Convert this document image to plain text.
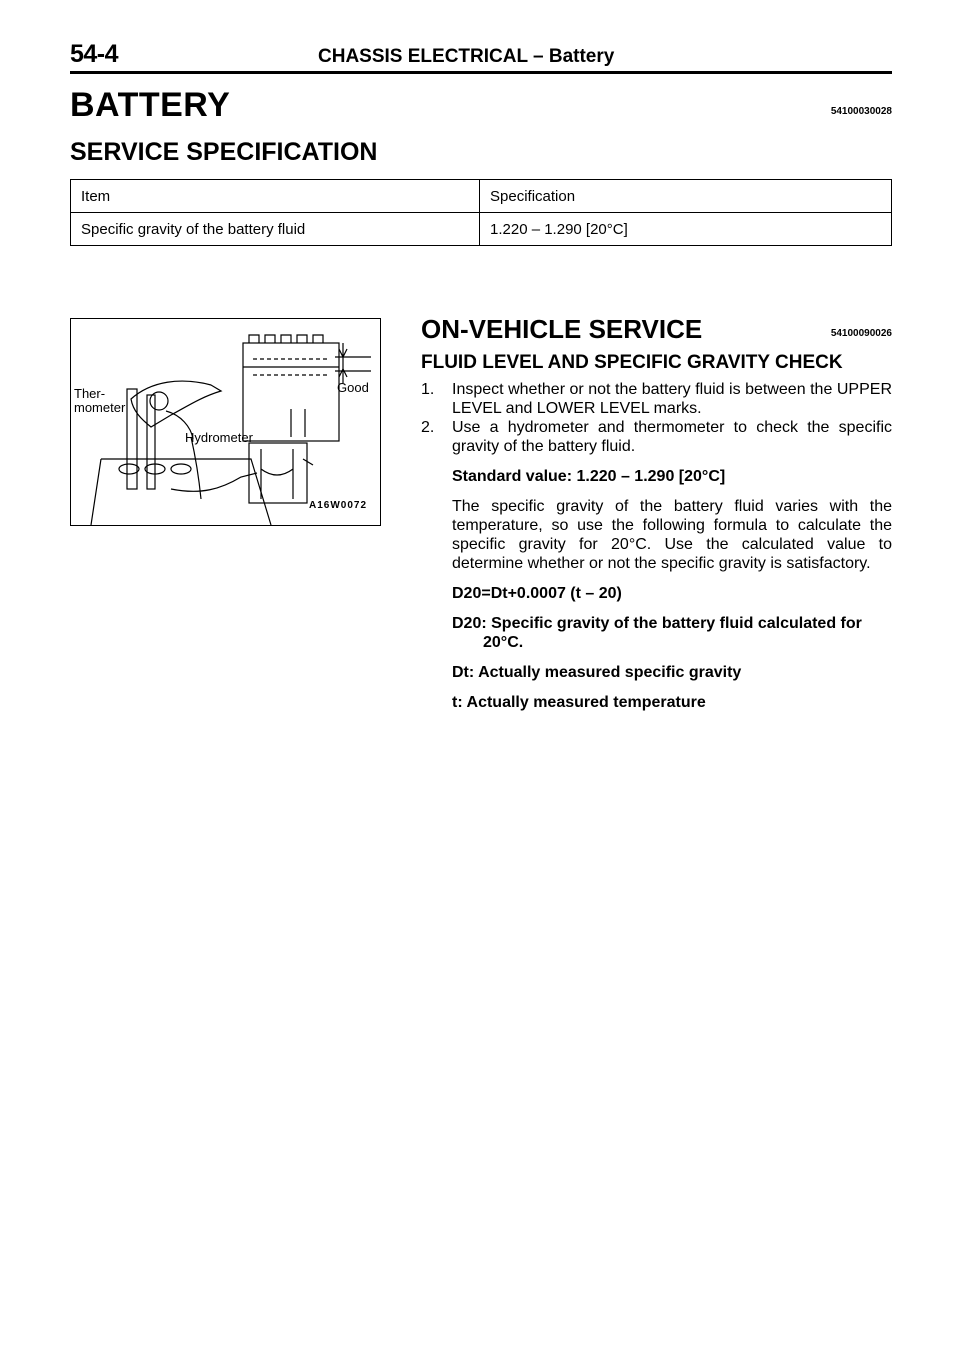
54-4	CHASSIS ELECTRICAL – Battery
BATTERY	54100030028
SERVICE SPECIFICATION
Item	Specification
Specific gravity of the battery fluid	1.220 – 1.290 [20°C]
Ther-
mometer
Hydrometer
Good
A16W0072
ON-VEHICLE SERVICE	54100090026
FLUID LEVEL AND SPECIFIC GRAVITY CHECK

1. Inspect whether or not the battery fluid is between the UPPER LEVEL and LOWER LEVEL marks.

2. Use a hydrometer and thermometer to check the specific gravity of the battery fluid.

Standard value: 1.220 – 1.290 [20°C]

The specific gravity of the battery fluid varies with the temperature, so use the following formula to calculate the specific gravity for 20°C. Use the calculated value to determine whether or not the specific gravity is satisfactory.

D20=Dt+0.0007 (t – 20)

D20: Specific gravity of the battery fluid calculated for 20°C.

Dt: Actually measured specific gravity

t: Actually measured temperature
